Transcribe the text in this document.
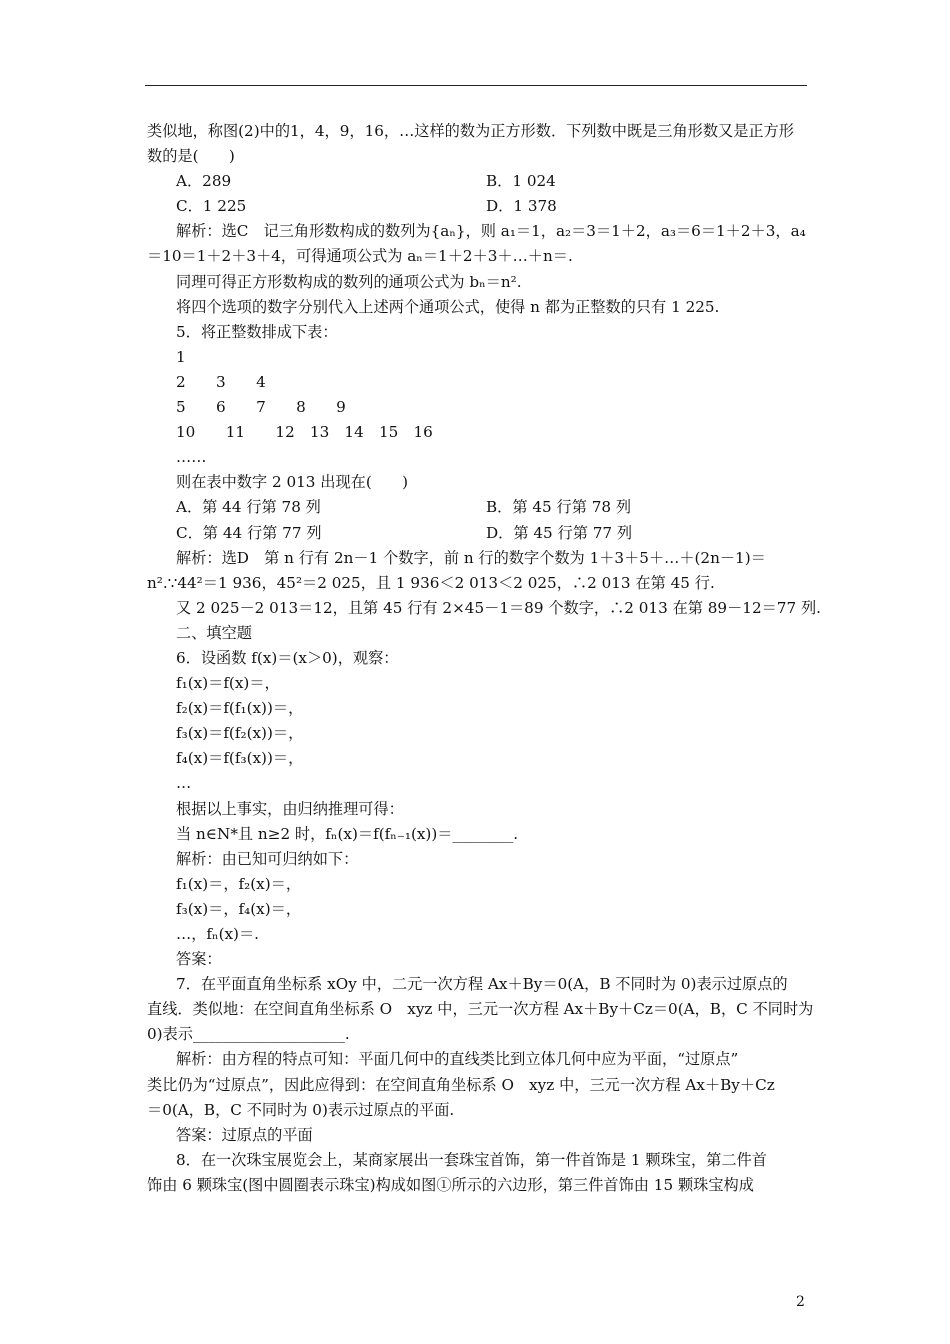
类似地，称图(2)中的1，4，9，16，…这样的数为正方形数．下列数中既是三角形数又是正方形
数的是(　　)
A．289	B．1 024
C．1 225	D．1 378
解析：选C　记三角形数构成的数列为{aₙ}，则 a₁＝1，a₂＝3＝1＋2，a₃＝6＝1＋2＋3，a₄
＝10＝1＋2＋3＋4，可得通项公式为 aₙ＝1＋2＋3＋…＋n＝.
同理可得正方形数构成的数列的通项公式为 bₙ＝n².
将四个选项的数字分别代入上述两个通项公式，使得 n 都为正整数的只有 1 225.
5．将正整数排成下表：
1
2　　3　　4
5　　6　　7　　8　　9
10　　11　　12　13　14　15　16
……
则在表中数字 2 013 出现在(　　)
A．第 44 行第 78 列	B．第 45 行第 78 列
C．第 44 行第 77 列	D．第 45 行第 77 列
解析：选D　第 n 行有 2n－1 个数字，前 n 行的数字个数为 1＋3＋5＋…＋(2n－1)＝
n².∵44²＝1 936，45²＝2 025，且 1 936＜2 013＜2 025，∴2 013 在第 45 行.
又 2 025－2 013＝12，且第 45 行有 2×45－1＝89 个数字，∴2 013 在第 89－12＝77 列.
二、填空题
6．设函数 f(x)＝(x＞0)，观察：
f₁(x)＝f(x)＝，
f₂(x)＝f(f₁(x))＝，
f₃(x)＝f(f₂(x))＝，
f₄(x)＝f(f₃(x))＝，
…
根据以上事实，由归纳推理可得：
当 n∈N*且 n≥2 时，fₙ(x)＝f(fₙ₋₁(x))＝________.
解析：由已知可归纳如下：
f₁(x)＝，f₂(x)＝，
f₃(x)＝，f₄(x)＝，
…，fₙ(x)＝.
答案：
7．在平面直角坐标系 xOy 中，二元一次方程 Ax＋By＝0(A，B 不同时为 0)表示过原点的
直线．类似地：在空间直角坐标系 O　xyz 中，三元一次方程 Ax＋By＋Cz＝0(A，B，C 不同时为
0)表示____________________.
解析：由方程的特点可知：平面几何中的直线类比到立体几何中应为平面，“过原点”
类比仍为“过原点”，因此应得到：在空间直角坐标系 O　xyz 中，三元一次方程 Ax＋By＋Cz
＝0(A，B，C 不同时为 0)表示过原点的平面.
答案：过原点的平面
8．在一次珠宝展览会上，某商家展出一套珠宝首饰，第一件首饰是 1 颗珠宝，第二件首
饰由 6 颗珠宝(图中圆圈表示珠宝)构成如图①所示的六边形，第三件首饰由 15 颗珠宝构成
2
